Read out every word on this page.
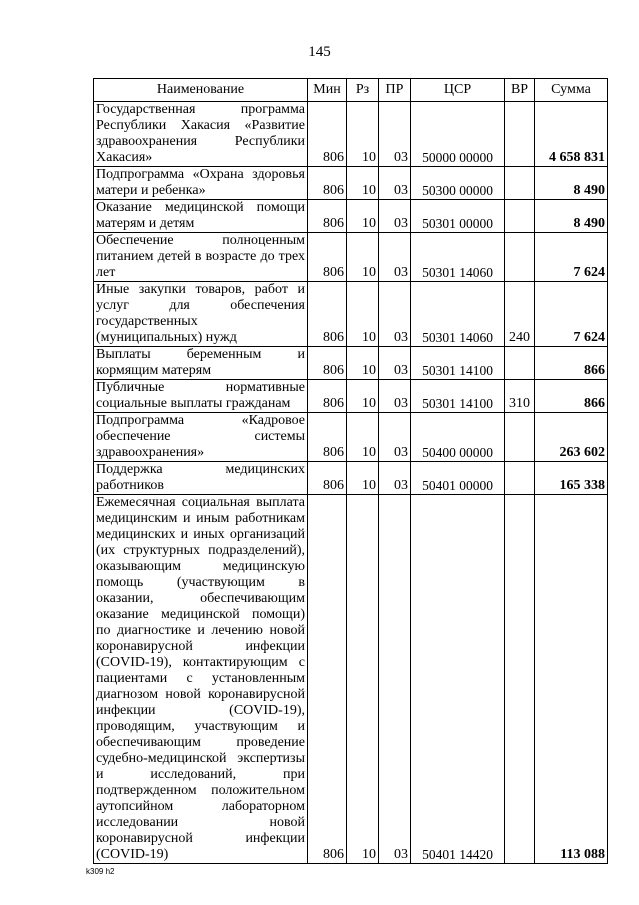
145
Наименование	Мин	Рз	ПР	ЦСР	ВР	Сумма
Государственная программа Республики Хакасия «Развитие здравоохранения Республики Хакасия»	806	10	03	50000 00000		4 658 831
Подпрограмма «Охрана здоровья матери и ребенка»	806	10	03	50300 00000		8 490
Оказание медицинской помощи матерям и детям	806	10	03	50301 00000		8 490
Обеспечение полноценным питанием детей в возрасте до трех лет	806	10	03	50301 14060		7 624
Иные закупки товаров, работ и услуг для обеспечения государственных (муниципальных) нужд	806	10	03	50301 14060	240	7 624
Выплаты беременным и кормящим матерям	806	10	03	50301 14100		866
Публичные нормативные социальные выплаты гражданам	806	10	03	50301 14100	310	866
Подпрограмма «Кадровое обеспечение системы здравоохранения»	806	10	03	50400 00000		263 602
Поддержка медицинских работников	806	10	03	50401 00000		165 338
Ежемесячная социальная выплата медицинским и иным работникам медицинских и иных организаций (их структурных подразделений), оказывающим медицинскую помощь (участвующим в оказании, обеспечивающим оказание медицинской помощи) по диагностике и лечению новой коронавирусной инфекции (COVID-19), контактирующим с пациентами с установленным диагнозом новой коронавирусной инфекции (COVID-19), проводящим, участвующим и обеспечивающим проведение судебно-медицинской экспертизы и исследований, при подтвержденном положительном аутопсийном лабораторном исследовании новой коронавирусной инфекции (COVID-19)	806	10	03	50401 14420		113 088
k309 h2
